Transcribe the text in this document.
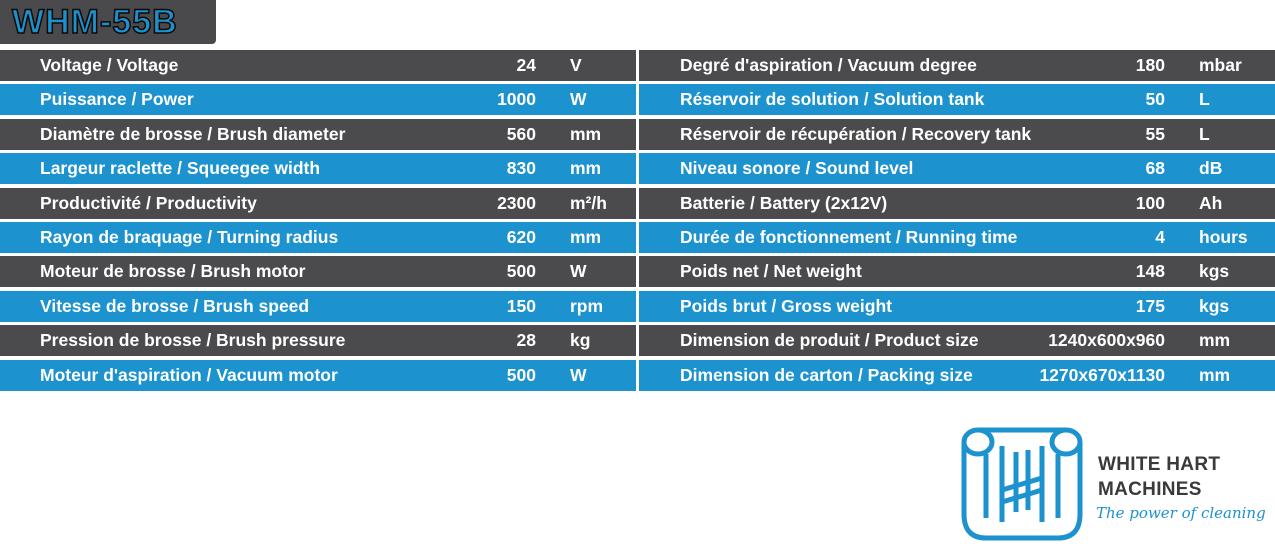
WHM-55B
Voltage / Voltage	24 V
Puissance / Power	1000 W
Diamètre de brosse / Brush diameter	560 mm
Largeur raclette / Squeegee width	830 mm
Productivité / Productivity	2300 m²/h
Rayon de braquage / Turning radius	620 mm
Moteur de brosse / Brush motor	500 W
Vitesse de brosse / Brush speed	150 rpm
Pression de brosse / Brush pressure	28 kg
Moteur d'aspiration / Vacuum motor	500 W
Degré d'aspiration / Vacuum degree	180 mbar
Réservoir de solution / Solution tank	50 L
Réservoir de récupération / Recovery tank	55 L
Niveau sonore / Sound level	68 dB
Batterie / Battery (2x12V)	100 Ah
Durée de fonctionnement / Running time	4 hours
Poids net / Net weight	148 kgs
Poids brut / Gross weight	175 kgs
Dimension de produit / Product size	1240x600x960 mm
Dimension de carton / Packing size	1270x670x1130 mm
WHITE HART
MACHINES
The power of cleaning
